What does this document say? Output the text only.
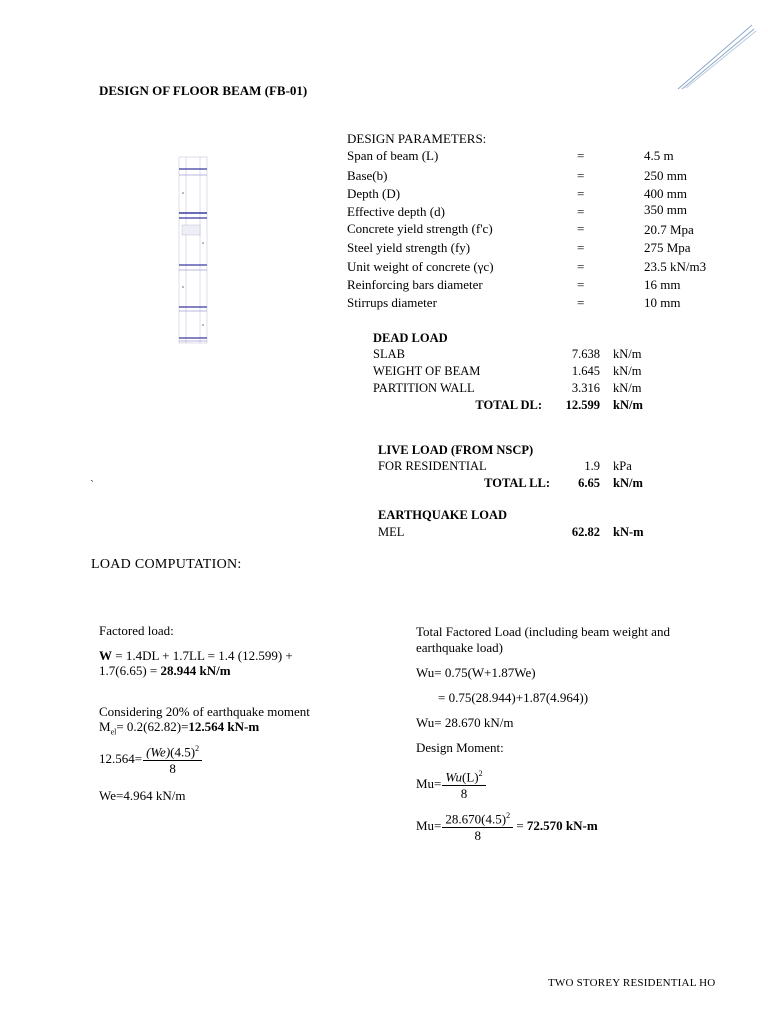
DESIGN OF FLOOR BEAM (FB-01)
DESIGN PARAMETERS:
Span of beam (L)	=	4.5 m
Base(b)	=	250 mm
Depth (D)	=	400 mm
Effective depth (d)	=	350 mm
Concrete yield strength (f'c)	=	20.7 Mpa
Steel yield strength (fy)	=	275 Mpa
Unit weight of concrete (γc)	=	23.5 kN/m3
Reinforcing bars diameter	=	16 mm
Stirrups diameter	=	10 mm
DEAD LOAD
SLAB	7.638 kN/m
WEIGHT OF BEAM	1.645 kN/m
PARTITION WALL	3.316 kN/m
TOTAL DL:	12.599 kN/m
LIVE LOAD (FROM NSCP)
FOR RESIDENTIAL	1.9 kPa
TOTAL LL:	6.65 kN/m
`
EARTHQUAKE LOAD
MEL	62.82 kN-m
LOAD COMPUTATION:
Factored load:
W = 1.4DL + 1.7LL = 1.4 (12.599) +
1.7(6.65) = 28.944 kN/m
Considering 20% of earthquake moment
$M_{el}= 0.2(62.82)=12.564$ kN-m
$12.564= \frac{(We)(4.5)^2}{8}$
We=4.964 kN/m
Total Factored Load (including beam weight and
earthquake load)
Wu= 0.75(W+1.87We)
= 0.75(28.944)+1.87(4.964))
Wu= 28.670 kN/m
Design Moment:
$Mu= \frac{Wu(L)^2}{8}$
$Mu= \frac{28.670(4.5)^2}{8} = 72.570$ kN-m
TWO STOREY RESIDENTIAL HO
